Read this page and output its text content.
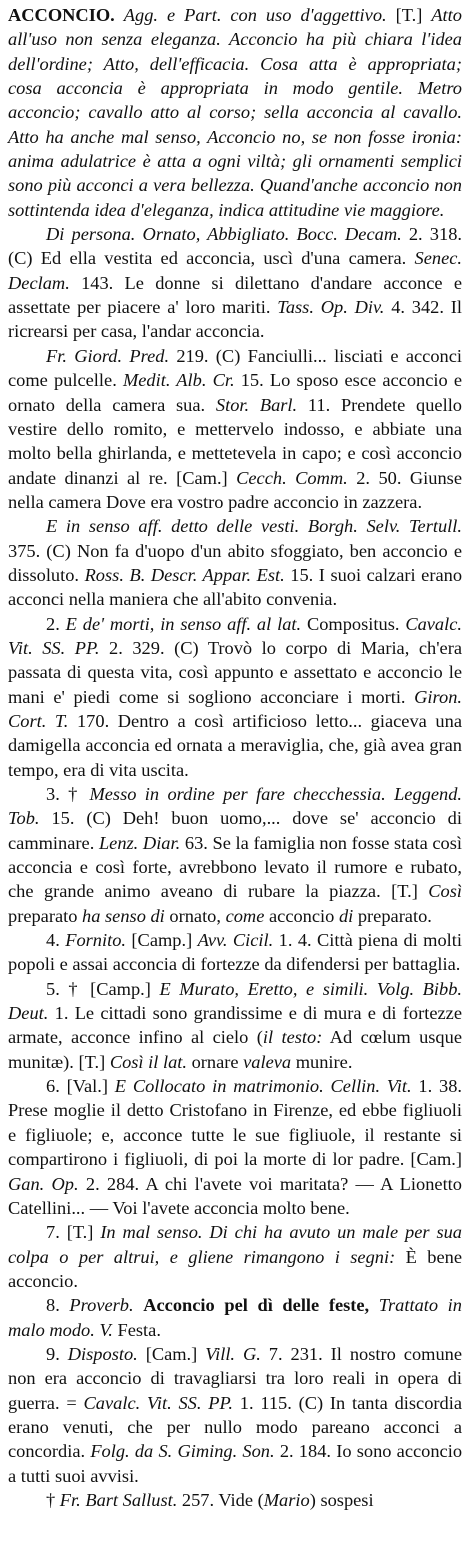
ACCONCIO. Agg. e Part. con uso d'aggettivo. [T.] Atto all'uso non senza eleganza. Acconcio ha più chiara l'idea dell'ordine; Atto, dell'efficacia. Cosa atta è appropriata; cosa acconcia è appropriata in modo gentile. Metro acconcio; cavallo atto al corso; sella acconcia al cavallo. Atto ha anche mal senso, Acconcio no, se non fosse ironia: anima adulatrice è atta a ogni viltà; gli ornamenti semplici sono più acconci a vera bellezza. Quand'anche acconcio non sottintenda idea d'eleganza, indica attitudine vie maggiore.

Di persona. Ornato, Abbigliato. Bocc. Decam. 2. 318. (C) Ed ella vestita ed acconcia, uscì d'una camera. Senec. Declam. 143. Le donne si dilettano d'andare acconce e assettate per piacere a' loro mariti. Tass. Op. Div. 4. 342. Il ricrearsi per casa, l'andar acconcia.

Fr. Giord. Pred. 219. (C) Fanciulli... lisciati e acconci come pulcelle. Medit. Alb. Cr. 15. Lo sposo esce acconcio e ornato della camera sua. Stor. Barl. 11. Prendete quello vestire dello romito, e mettervelo indosso, e abbiate una molto bella ghirlanda, e mettetevela in capo; e così acconcio andate dinanzi al re. [Cam.] Cecch. Comm. 2. 50. Giunse nella camera Dove era vostro padre acconcio in zazzera.

E in senso aff. detto delle vesti. Borgh. Selv. Tertull. 375. (C) Non fa d'uopo d'un abito sfoggiato, ben acconcio e dissoluto. Ross. B. Descr. Appar. Est. 15. I suoi calzari erano acconci nella maniera che all'abito convenia.

2. E de' morti, in senso aff. al lat. Compositus. Cavalc. Vit. SS. PP. 2. 329. (C) Trovò lo corpo di Maria, ch'era passata di questa vita, così appunto e assettato e acconcio le mani e' piedi come si sogliono acconciare i morti. Giron. Cort. T. 170. Dentro a così artificioso letto... giaceva una damigella acconcia ed ornata a meraviglia, che, già avea gran tempo, era di vita uscita.

3. † Messo in ordine per fare checchessia. Leggend. Tob. 15. (C) Deh! buon uomo,... dove se' acconcio di camminare. Lenz. Diar. 63. Se la famiglia non fosse stata così acconcia e così forte, avrebbono levato il rumore e rubato, che grande animo aveano di rubare la piazza. [T.] Così preparato ha senso di ornato, come acconcio di preparato.

4. Fornito. [Camp.] Avv. Cicil. 1. 4. Città piena di molti popoli e assai acconcia di fortezze da difendersi per battaglia.

5. † [Camp.] E Murato, Eretto, e simili. Volg. Bibb. Deut. 1. Le cittadi sono grandissime e di mura e di fortezze armate, acconce infino al cielo (il testo: Ad cœlum usque munitæ). [T.] Così il lat. ornare valeva munire.

6. [Val.] E Collocato in matrimonio. Cellin. Vit. 1. 38. Prese moglie il detto Cristofano in Firenze, ed ebbe figliuoli e figliuole; e, acconce tutte le sue figliuole, il restante si compartirono i figliuoli, di poi la morte di lor padre. [Cam.] Gan. Op. 2. 284. A chi l'avete voi maritata? — A Lionetto Catellini... — Voi l'avete acconcia molto bene.

7. [T.] In mal senso. Di chi ha avuto un male per sua colpa o per altrui, e gliene rimangono i segni: È bene acconcio.

8. Proverb. Acconcio pel dì delle feste, Trattato in malo modo. V. Festa.

9. Disposto. [Cam.] Vill. G. 7. 231. Il nostro comune non era acconcio di travagliarsi tra loro reali in opera di guerra. = Cavalc. Vit. SS. PP. 1. 115. (C) In tanta discordia erano venuti, che per nullo modo pareano acconci a concordia. Folg. da S. Giming. Son. 2. 184. Io sono acconcio a tutti suoi avvisi.

† Fr. Bart Sallust. 257. Vide (Mario) sospesi
